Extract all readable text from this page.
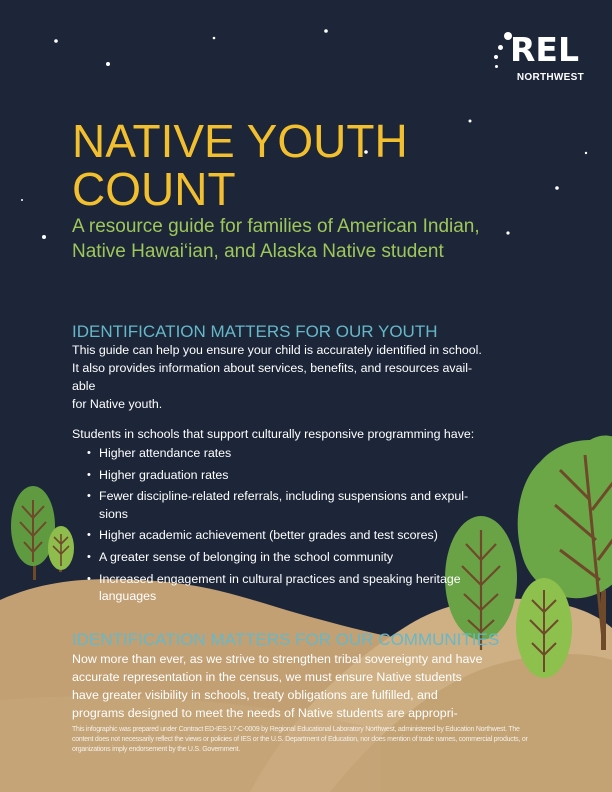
REL
NORTHWEST
NATIVE YOUTH COUNT

A resource guide for families of American Indian, Native Hawai‘ian, and Alaska Native student

IDENTIFICATION MATTERS FOR OUR YOUTH
This guide can help you ensure your child is accurately identified in school.
It also provides information about services, benefits, and resources avail-
able
for Native youth.

Students in schools that support culturally responsive programming have:

• Higher attendance rates
• Higher graduation rates
• Fewer discipline-related referrals, including suspensions and expul-sions
• Higher academic achievement (better grades and test scores)
• A greater sense of belonging in the school community
• Increased engagement in cultural practices and speaking heritage languages
IDENTIFICATION MATTERS FOR OUR COMMUNITIES
Now more than ever, as we strive to strengthen tribal sovereignty and have
accurate representation in the census, we must ensure Native students
have greater visibility in schools, treaty obligations are fulfilled, and
programs designed to meet the needs of Native students are appropri-

This infographic was prepared under Contract ED-IES-17-C-0009 by Regional Educational Laboratory Northwest, administered by Education Northwest. The content does not necessarily reflect the views or policies of IES or the U.S. Department of Education, nor does mention of trade names, commercial products, or organizations imply endorsement by the U.S. Government.
